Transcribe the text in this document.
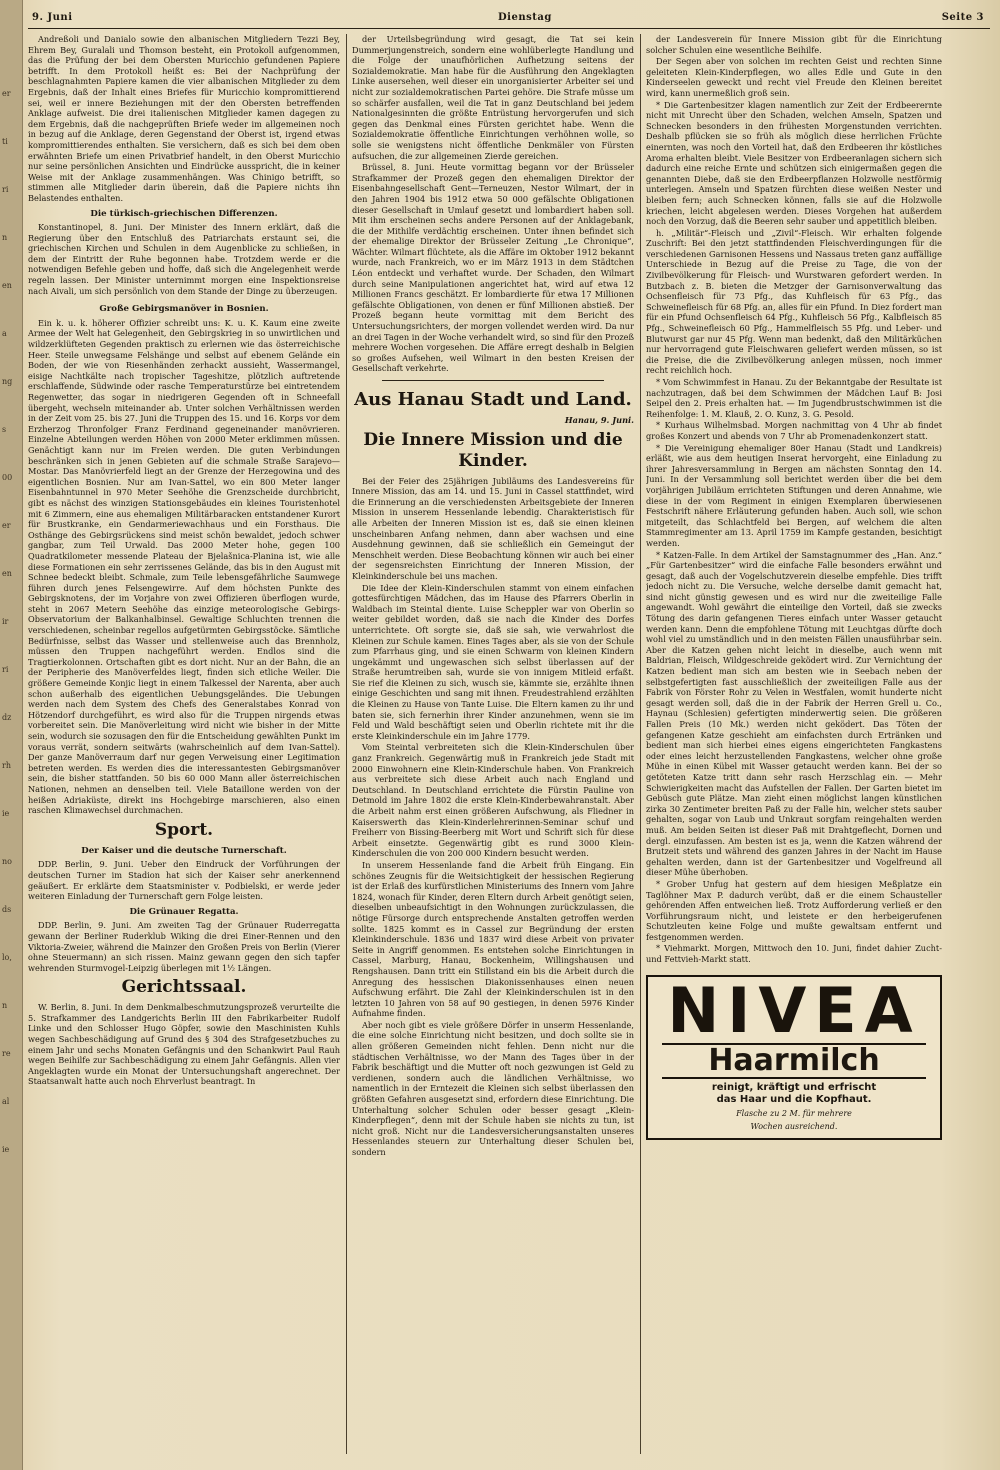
er
ti
ri
n
en
a
ng
s
00
er
en
ir
ri
dz
rh
ie
no
ds
lo,
n
re
al
ie
9. Juni	Dienstag	Seite 3

Andreßoli und Danialo sowie den albanischen Mitgliedern Tezzi Bey, Ehrem Bey, Guralali und Thomson besteht, ein Protokoll aufgenommen, das die Prüfung der bei dem Obersten Muricchio gefundenen Papiere betrifft. In dem Protokoll heißt es: Bei der Nachprüfung der beschlagnahmten Papiere kamen die vier albanischen Mitglieder zu dem Ergebnis, daß der Inhalt eines Briefes für Muricchio kompromittierend sei, weil er innere Beziehungen mit der den Obersten betreffenden Anklage aufweist. Die drei italienischen Mitglieder kamen dagegen zu dem Ergebnis, daß die nachgeprüften Briefe weder im allgemeinen noch in bezug auf die Anklage, deren Gegenstand der Oberst ist, irgend etwas kompromittierendes enthalten. Sie versichern, daß es sich bei dem oben erwähnten Briefe um einen Privatbrief handelt, in den Oberst Muricchio nur seine persönlichen Ansichten und Eindrücke ausspricht, die in keiner Weise mit der Anklage zusammenhängen. Was Chinigo betrifft, so stimmen alle Mitglieder darin überein, daß die Papiere nichts ihn Belastendes enthalten.

Die türkisch-griechischen Differenzen.

Konstantinopel, 8. Juni. Der Minister des Innern erklärt, daß die Regierung über den Entschluß des Patriarchats erstaunt sei, die griechischen Kirchen und Schulen in dem Augenblicke zu schließen, in dem der Eintritt der Ruhe begonnen habe. Trotzdem werde er die notwendigen Befehle geben und hoffe, daß sich die Angelegenheit werde regeln lassen. Der Minister unternimmt morgen eine Inspektionsreise nach Aivali, um sich persönlich von dem Stande der Dinge zu überzeugen.

Große Gebirgsmanöver in Bosnien.

Ein k. u. k. höherer Offizier schreibt uns: K. u. K. Kaum eine zweite Armee der Welt hat Gelegenheit, den Gebirgskrieg in so unwirtlichen und wildzerklüfteten Gegenden praktisch zu erlernen wie das österreichische Heer. Steile unwegsame Felshänge und selbst auf ebenem Gelände ein Boden, der wie von Riesenhänden zerhackt aussieht, Wassermangel, eisige Nachtkälte nach tropischer Tageshitze, plötzlich auftretende erschlaffende, Südwinde oder rasche Temperaturstürze bei eintretendem Regenwetter, das sogar in niedrigeren Gegenden oft in Schneefall übergeht, wechseln miteinander ab. Unter solchen Verhältnissen werden in der Zeit vom 25. bis 27. Juni die Truppen des 15. und 16. Korps vor dem Erzherzog Thronfolger Franz Ferdinand gegeneinander manövrieren. Einzelne Abteilungen werden Höhen von 2000 Meter erklimmen müssen. Genächtigt kann nur im Freien werden. Die guten Verbindungen beschränken sich in jenen Gebieten auf die schmale Straße Sarajevo—Mostar. Das Manövrierfeld liegt an der Grenze der Herzegowina und des eigentlichen Bosnien. Nur am Ivan-Sattel, wo ein 800 Meter langer Eisenbahntunnel in 970 Meter Seehöhe die Grenzscheide durchbricht, gibt es nächst des winzigen Stationsgebäudes ein kleines Touristenhotel mit 6 Zimmern, eine aus ehemaligen Militärbaracken entstandener Kurort für Brustkranke, ein Gendarmeriewachhaus und ein Forsthaus. Die Osthänge des Gebirgsrückens sind meist schön bewaldet, jedoch schwer gangbar, zum Teil Urwald. Das 2000 Meter hohe, gegen 100 Quadratkilometer messende Plateau der Bjelašnica-Planina ist, wie alle diese Formationen ein sehr zerrissenes Gelände, das bis in den August mit Schnee bedeckt bleibt. Schmale, zum Teile lebensgefährliche Saumwege führen durch jenes Felsengewirre. Auf dem höchsten Punkte des Gebirgsknotens, der im Vorjahre von zwei Offizieren überflogen wurde, steht in 2067 Metern Seehöhe das einzige meteorologische Gebirgs-Observatorium der Balkanhalbinsel. Gewaltige Schluchten trennen die verschiedenen, scheinbar regellos aufgetürmten Gebirgsstöcke. Sämtliche Bedürfnisse, selbst das Wasser und stellenweise auch das Brennholz, müssen den Truppen nachgeführt werden. Endlos sind die Tragtierkolonnen. Ortschaften gibt es dort nicht. Nur an der Bahn, die an der Peripherie des Manöverfeldes liegt, finden sich etliche Weiler. Die größere Gemeinde Konjic liegt in einem Talkessel der Narenta, aber auch schon außerhalb des eigentlichen Uebungsgeländes. Die Uebungen werden nach dem System des Chefs des Generalstabes Konrad von Hötzendorf durchgeführt, es wird also für die Truppen nirgends etwas vorbereitet sein. Die Manöverleitung wird nicht wie bisher in der Mitte sein, wodurch sie sozusagen den für die Entscheidung gewählten Punkt im voraus verrät, sondern seitwärts (wahrscheinlich auf dem Ivan-Sattel). Der ganze Manöverraum darf nur gegen Verweisung einer Legitimation betreten werden. Es werden dies die interessantesten Gebirgsmanöver sein, die bisher stattfanden. 50 bis 60 000 Mann aller österreichischen Nationen, nehmen an denselben teil. Viele Bataillone werden von der heißen Adriaküste, direkt ins Hochgebirge marschieren, also einen raschen Klimawechsel durchmachen.

Sport.
Der Kaiser und die deutsche Turnerschaft.

DDP. Berlin, 9. Juni. Ueber den Eindruck der Vorführungen der deutschen Turner im Stadion hat sich der Kaiser sehr anerkennend geäußert. Er erklärte dem Staatsminister v. Podbielski, er werde jeder weiteren Einladung der Turnerschaft gern Folge leisten.

Die Grünauer Regatta.

DDP. Berlin, 9. Juni. Am zweiten Tag der Grünauer Ruderregatta gewann der Berliner Ruderklub Wiking die drei Einer-Rennen und den Viktoria-Zweier, während die Mainzer den Großen Preis von Berlin (Vierer ohne Steuermann) an sich rissen. Mainz gewann gegen den sich tapfer wehrenden Sturmvogel-Leipzig überlegen mit 1½ Längen.

Gerichtssaal.

W. Berlin, 8. Juni. In dem Denkmalbeschmutzungsprozeß verurteilte die 5. Strafkammer des Landgerichts Berlin III den Fabrikarbeiter Rudolf Linke und den Schlosser Hugo Göpfer, sowie den Maschinisten Kuhls wegen Sachbeschädigung auf Grund des § 304 des Strafgesetzbuches zu einem Jahr und sechs Monaten Gefängnis und den Schankwirt Paul Rauh wegen Beihilfe zur Sachbeschädigung zu einem Jahr Gefängnis. Allen vier Angeklagten wurde ein Monat der Untersuchungshaft angerechnet. Der Staatsanwalt hatte auch noch Ehrverlust beantragt. In

der Urteilsbegründung wird gesagt, die Tat sei kein Dummerjungenstreich, sondern eine wohlüberlegte Handlung und die Folge der unaufhörlichen Aufhetzung seitens der Sozialdemokratie. Man habe für die Ausführung den Angeklagten Linke ausersehen, weil dieser ein unorganisierter Arbeiter sei und nicht zur sozialdemokratischen Partei gehöre. Die Strafe müsse um so schärfer ausfallen, weil die Tat in ganz Deutschland bei jedem Nationalgesinnten die größte Entrüstung hervorgerufen und sich gegen das Denkmal eines Fürsten gerichtet habe. Wenn die Sozialdemokratie öffentliche Einrichtungen verhöhnen wolle, so solle sie wenigstens nicht öffentliche Denkmäler von Fürsten aufsuchen, die zur allgemeinen Zierde gereichen.

Brüssel, 8. Juni. Heute vormittag begann vor der Brüsseler Strafkammer der Prozeß gegen den ehemaligen Direktor der Eisenbahngesellschaft Gent—Terneuzen, Nestor Wilmart, der in den Jahren 1904 bis 1912 etwa 50 000 gefälschte Obligationen dieser Gesellschaft in Umlauf gesetzt und lombardiert haben soll. Mit ihm erscheinen sechs andere Personen auf der Anklagebank, die der Mithilfe verdächtig erscheinen. Unter ihnen befindet sich der ehemalige Direktor der Brüsseler Zeitung „Le Chronique“, Wächter. Wilmart flüchtete, als die Affäre im Oktober 1912 bekannt wurde, nach Frankreich, wo er im März 1913 in dem Städtchen Léon entdeckt und verhaftet wurde. Der Schaden, den Wilmart durch seine Manipulationen angerichtet hat, wird auf etwa 12 Millionen Francs geschätzt. Er lombardierte für etwa 17 Millionen gefälschte Obligationen, von denen er fünf Millionen abstieß. Der Prozeß begann heute vormittag mit dem Bericht des Untersuchungsrichters, der morgen vollendet werden wird. Da nur an drei Tagen in der Woche verhandelt wird, so sind für den Prozeß mehrere Wochen vorgesehen. Die Affäre erregt deshalb in Belgien so großes Aufsehen, weil Wilmart in den besten Kreisen der Gesellschaft verkehrte.

Aus Hanau Stadt und Land.
Hanau, 9. Juni.
Die Innere Mission und die Kinder.

Bei der Feier des 25jährigen Jubiläums des Landesvereins für Innere Mission, das am 14. und 15. Juni in Cassel stattfindet, wird die Erinnerung an die verschiedensten Arbeitsgebiete der Inneren Mission in unserem Hessenlande lebendig. Charakteristisch für alle Arbeiten der Inneren Mission ist es, daß sie einen kleinen unscheinbaren Anfang nehmen, dann aber wachsen und eine Ausdehnung gewinnen, daß sie schließlich ein Gemeingut der Menschheit werden. Diese Beobachtung können wir auch bei einer der segensreichsten Einrichtung der Inneren Mission, der Kleinkinderschule bei uns machen.

Die Idee der Klein-Kinderschulen stammt von einem einfachen gottesfürchtigen Mädchen, das im Hause des Pfarrers Oberlin in Waldbach im Steintal diente. Luise Scheppler war von Oberlin so weiter gebildet worden, daß sie nach die Kinder des Dorfes unterrichtete. Oft sorgte sie, daß sie sah, wie verwahrlost die Kleinen zur Schule kamen. Eines Tages aber, als sie von der Schule zum Pfarrhaus ging, und sie einen Schwarm von kleinen Kindern ungekämmt und ungewaschen sich selbst überlassen auf der Straße herumtreiben sah, wurde sie von innigem Mitleid erfaßt. Sie rief die Kleinen zu sich, wusch sie, kämmte sie, erzählte ihnen einige Geschichten und sang mit ihnen. Freudestrahlend erzählten die Kleinen zu Hause von Tante Luise. Die Eltern kamen zu ihr und baten sie, sich fernerhin ihrer Kinder anzunehmen, wenn sie im Feld und Wald beschäftigt seien und Oberlin richtete mit ihr die erste Kleinkinderschule ein im Jahre 1779.

Vom Steintal verbreiteten sich die Klein-Kinderschulen über ganz Frankreich. Gegenwärtig muß in Frankreich jede Stadt mit 2000 Einwohnern eine Klein-Kinderschule haben. Von Frankreich aus verbreitete sich diese Arbeit auch nach England und Deutschland. In Deutschland errichtete die Fürstin Pauline von Detmold im Jahre 1802 die erste Klein-Kinderbewahranstalt. Aber die Arbeit nahm erst einen größeren Aufschwung, als Fliedner in Kaiserswerth das Klein-Kinderlehrerinnen-Seminar schuf und Freiherr von Bissing-Beerberg mit Wort und Schrift sich für diese Arbeit einsetzte. Gegenwärtig gibt es rund 3000 Klein-Kinderschulen die von 200 000 Kindern besucht werden.

In unserem Hessenlande fand die Arbeit früh Eingang. Ein schönes Zeugnis für die Weitsichtigkeit der hessischen Regierung ist der Erlaß des kurfürstlichen Ministeriums des Innern vom Jahre 1824, wonach für Kinder, deren Eltern durch Arbeit genötigt seien, dieselben unbeaufsichtigt in den Wohnungen zurückzulassen, die nötige Fürsorge durch entsprechende Anstalten getroffen werden sollte. 1825 kommt es in Cassel zur Begründung der ersten Kleinkinderschule. 1836 und 1837 wird diese Arbeit von privater Seite in Angriff genommen. Es entstehen solche Einrichtungen in Cassel, Marburg, Hanau, Bockenheim, Willingshausen und Rengshausen. Dann tritt ein Stillstand ein bis die Arbeit durch die Anregung des hessischen Diakonissenhauses einen neuen Aufschwung erfährt. Die Zahl der Kleinkinderschulen ist in den letzten 10 Jahren von 58 auf 90 gestiegen, in denen 5976 Kinder Aufnahme finden.

Aber noch gibt es viele größere Dörfer in unserm Hessenlande, die eine solche Einrichtung nicht besitzen, und doch sollte sie in allen größeren Gemeinden nicht fehlen. Denn nicht nur die städtischen Verhältnisse, wo der Mann des Tages über in der Fabrik beschäftigt und die Mutter oft noch gezwungen ist Geld zu verdienen, sondern auch die ländlichen Verhältnisse, wo namentlich in der Erntezeit die Kleinen sich selbst überlassen den größten Gefahren ausgesetzt sind, erfordern diese Einrichtung. Die Unterhaltung solcher Schulen oder besser gesagt „Klein-Kinderpflegen“, denn mit der Schule haben sie nichts zu tun, ist nicht groß. Nicht nur die Landesversicherungsanstalten unseres Hessenlandes steuern zur Unterhaltung dieser Schulen bei, sondern

der Landesverein für Innere Mission gibt für die Einrichtung solcher Schulen eine wesentliche Beihilfe.

Der Segen aber von solchen im rechten Geist und rechten Sinne geleiteten Klein-Kinderpflegen, wo alles Edle und Gute in den Kinderseelen geweckt und recht viel Freude den Kleinen bereitet wird, kann unermeßlich groß sein.

* Die Gartenbesitzer klagen namentlich zur Zeit der Erdbeerernte nicht mit Unrecht über den Schaden, welchen Amseln, Spatzen und Schnecken besonders in den frühesten Morgenstunden verrichten. Deshalb pflücken sie so früh als möglich diese herrlichen Früchte einernten, was noch den Vorteil hat, daß den Erdbeeren ihr köstliches Aroma erhalten bleibt. Viele Besitzer von Erdbeeranlagen sichern sich dadurch eine reiche Ernte und schützen sich einigermaßen gegen die genannten Diebe, daß sie den Erdbeerpflanzen Holzwolle nestförmig unterlegen. Amseln und Spatzen fürchten diese weißen Nester und bleiben fern; auch Schnecken können, falls sie auf die Holzwolle kriechen, leicht abgelesen werden. Dieses Vorgehen hat außerdem noch den Vorzug, daß die Beeren sehr sauber und appetitlich bleiben.

h. „Militär“-Fleisch und „Zivil“-Fleisch. Wir erhalten folgende Zuschrift: Bei den jetzt stattfindenden Fleischverdingungen für die verschiedenen Garnisonen Hessens und Nassaus treten ganz auffällige Unterschiede in Bezug auf die Preise zu Tage, die von der Zivilbevölkerung für Fleisch- und Wurstwaren gefordert werden. In Butzbach z. B. bieten die Metzger der Garnisonverwaltung das Ochsenfleisch für 73 Pfg., das Kuhfleisch für 63 Pfg., das Schweinefleisch für 68 Pfg. an, alles für ein Pfund. In Diez fordert man für ein Pfund Ochsenfleisch 64 Pfg., Kuhfleisch 56 Pfg., Kalbfleisch 85 Pfg., Schweinefleisch 60 Pfg., Hammelfleisch 55 Pfg. und Leber- und Blutwurst gar nur 45 Pfg. Wenn man bedenkt, daß den Militärküchen nur hervorragend gute Fleischwaren geliefert werden müssen, so ist die Preise, die die Zivilbevölkerung anlegen müssen, noch immer recht reichlich hoch.

* Vom Schwimmfest in Hanau. Zu der Bekanntgabe der Resultate ist nachzutragen, daß bei dem Schwimmen der Mädchen Lauf B: Josi Seipel den 2. Preis erhalten hat. — Im Jugendbrustschwimmen ist die Reihenfolge: 1. M. Klauß, 2. O. Kunz, 3. G. Pesold.

* Kurhaus Wilhelmsbad. Morgen nachmittag von 4 Uhr ab findet großes Konzert und abends von 7 Uhr ab Promenadenkonzert statt.

* Die Vereinigung ehemaliger 80er Hanau (Stadt und Landkreis) erläßt, wie aus dem heutigen Inserat hervorgeht, eine Einladung zu ihrer Jahresversammlung in Bergen am nächsten Sonntag den 14. Juni. In der Versammlung soll berichtet werden über die bei dem vorjährigen Jubiläum errichteten Stiftungen und deren Annahme, wie diese in der vom Regiment in einigen Exemplaren überwiesenen Festschrift nähere Erläuterung gefunden haben. Auch soll, wie schon mitgeteilt, das Schlachtfeld bei Bergen, auf welchem die alten Stammregimenter am 13. April 1759 im Kampfe gestanden, besichtigt werden.

* Katzen-Falle. In dem Artikel der Samstagnummer des „Han. Anz.“ „Für Gartenbesitzer“ wird die einfache Falle besonders erwähnt und gesagt, daß auch der Vogelschutzverein dieselbe empfehle. Dies trifft jedoch nicht zu. Die Versuche, welche derselbe damit gemacht hat, sind nicht günstig gewesen und es wird nur die zweiteilige Falle angewandt. Wohl gewährt die einteilige den Vorteil, daß sie zwecks Tötung des darin gefangenen Tieres einfach unter Wasser getaucht werden kann. Denn die empfohlene Tötung mit Leuchtgas dürfte doch wohl viel zu umständlich und in den meisten Fällen unausführbar sein. Aber die Katzen gehen nicht leicht in dieselbe, auch wenn mit Baldrian, Fleisch, Wildgeschreide geködert wird. Zur Vernichtung der Katzen bedient man sich am besten wie in Seebach neben der selbstgefertigten fast ausschließlich der zweiteiligen Falle aus der Fabrik von Förster Rohr zu Velen in Westfalen, womit hunderte nicht gesagt werden soll, daß die in der Fabrik der Herren Grell u. Co., Haynau (Schlesien) gefertigten minderwertig seien. Die größeren Fallen Preis (10 Mk.) werden nicht geködert. Das Töten der gefangenen Katze geschieht am einfachsten durch Ertränken und bedient man sich hierbei eines eigens eingerichteten Fangkastens oder eines leicht herzustellenden Fangkastens, welcher ohne große Mühe in einen Kübel mit Wasser getaucht werden kann. Bei der so getöteten Katze tritt dann sehr rasch Herzschlag ein. — Mehr Schwierigkeiten macht das Aufstellen der Fallen. Der Garten bietet im Gebüsch gute Plätze. Man zieht einen möglichst langen künstlichen zirka 30 Zentimeter breiten Paß zu der Falle hin, welcher stets sauber gehalten, sogar von Laub und Unkraut sorgfam reingehalten werden muß. Am beiden Seiten ist dieser Paß mit Drahtgeflecht, Dornen und dergl. einzufassen. Am besten ist es ja, wenn die Katzen während der Brutzeit stets und während des ganzen Jahres in der Nacht im Hause gehalten werden, dann ist der Gartenbesitzer und Vogelfreund all dieser Mühe überhoben.

* Grober Unfug hat gestern auf dem hiesigen Meßplatze ein Taglöhner Max P. dadurch verübt, daß er die einem Schausteller gehörenden Affen entweichen ließ. Trotz Aufforderung verließ er den Vorführungsraum nicht, und leistete er den herbeigerufenen Schutzleuten keine Folge und mußte gewaltsam entfernt und festgenommen werden.

* Viehmarkt. Morgen, Mittwoch den 10. Juni, findet dahier Zucht- und Fettvieh-Markt statt.

NIVEA
Haarmilch
reinigt, kräftigt und erfrischt
das Haar und die Kopfhaut.
Flasche zu 2 M. für mehrere
Wochen ausreichend.
